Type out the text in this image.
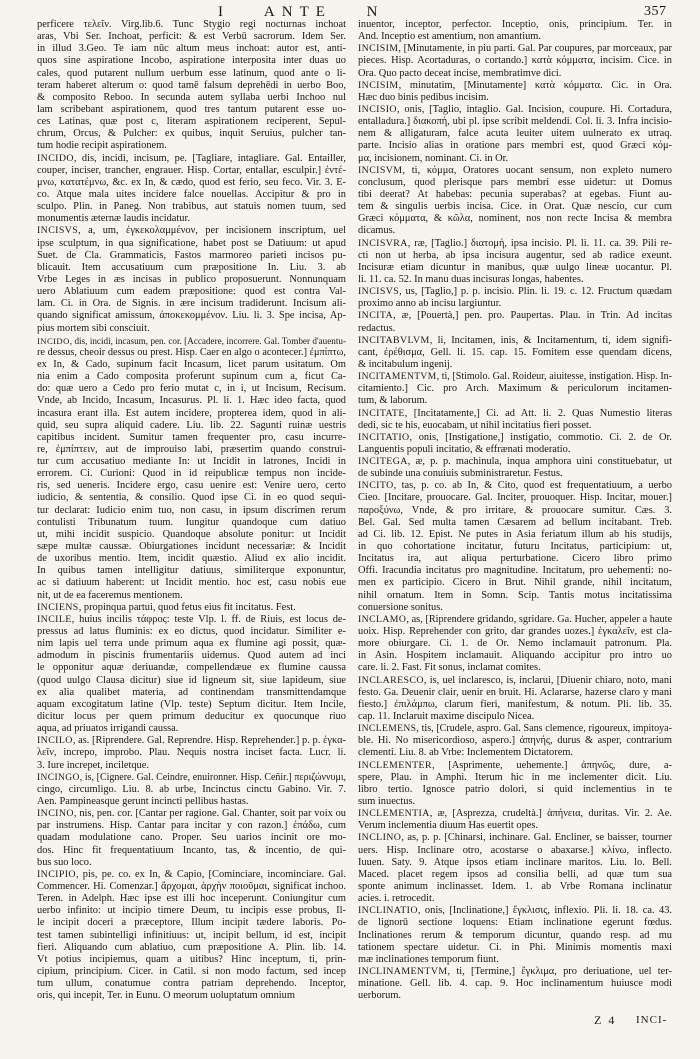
I ANTE N	357
perficere τελεῖν. Virg.lib.6. Tunc Stygio regi nocturnas inchoat
aras, Vbi Ser. Inchoat, perficit: & est Verbū sacrorum. Idem Ser.
in illud 3.Geo. Te iam nūc altum meus inchoat: autor est, anti-
quos sine aspiratione Incobo, aspiratione interposita inter duas uo
cales, quod putarent nullum uerbum esse latinum, quod ante o li-
teram haberet alterum o: quod tamē falsum deprehēdi in uerbo Boo,
& composito Reboo. In secunda autem syllaba uerbi Inchoo nul
lam scribebant aspirationem, quod tres tantum putarent esse uo-
ces Latinas, quæ post c, literam aspirationem reciperent, Sepul-
chrum, Orcus, & Pulcher: ex quibus, inquit Seruius, pulcher tan-
tum hodie recipit aspirationem.
INCIDO, dis, incidi, incisum, pe. [Tagliare, intagliare. Gal. Entailler,
couper, inciser, trancher, engrauer. Hisp. Cortar, entallar, esculpir.] ἐντέ-
μνω, κατατέμνω, &c. ex In, & cædo, quod est ferio, seu feco. Vir. 3. E-
co. Atque mala uites incidere falce nouellas. Accipitur & pro in
sculpo. Plin. in Paneg. Non trabibus, aut statuis nomen tuum, sed
monumentis æternæ laudis incidatur.
INCISVS, a, um, ἐγκεκολαμμένον, per incisionem inscriptum, uel
ipse sculptum, in qua significatione, habet post se Datiuum: ut apud
Suet. de Cla. Grammaticis, Fastos marmoreo parieti incisos pu-
blicauit. Item accusatiuum cum præpositione In. Liu. 3. ab
Vrbe Leges in æs incisas in publico proposuerunt. Nonnunquam
uero Ablatiuum cum eadem præpositione: quod est contra Val-
lam. Ci. in Ora. de Signis. in ære incisum tradiderunt. Incisum ali-
quando significat amissum, ἀποκεκομμένον. Liu. li. 3. Spe incisa, Ap-
pius mortem sibi consciuit.
INCIDO, dis, incidi, incasum, pen. cor. [Accadere, incorrere. Gal. Tomber d'auentu-
re dessus, cheoir dessus ou prest. Hisp. Caer en algo o acontecer.] ἐμπίπτω,
ex In, & Cado, supinum facit Incasum, licet parum usitatum. Om
nia enim a Cado composita proferunt supinum cum a, ficut Ca-
do: quæ uero a Cedo pro ferio mutat c, in i, ut Incisum, Recisum.
Vnde, ab Incido, Incasum, Incasurus. Pl. li. 1. Hæc ideo facta, quod
incasura erant illa. Est autem incidere, propterea idem, quod in ali-
quid, seu supra aliquid cadere. Liu. lib. 22. Sagunti ruinæ uestris
capitibus incident. Sumitur tamen frequenter pro, casu incurre-
re, ἐμπίπτειν, aut de improuiso labi, præsertim quando construi-
tur cum accusatiuo mediante In: ut Incidit in latrones, Incidi in
errorem. Ci. Curioni: Quod in id reipublicæ tempus non incide-
ris, sed ueneris. Incidere ergo, casu uenire est: Venire uero, certo
iudicio, & sententia, & consilio. Quod ipse Ci. in eo quod sequi-
tur declarat: Iudicio enim tuo, non casu, in ipsum discrimen rerum
contulisti Tribunatum tuum. Iungitur quandoque cum datiuo
ut, mihi incidit suspicio. Quandoque absolute ponitur: ut Incidit
sæpe multæ caussæ. Obiurgationes incidunt necessariæ: & Incidit
de uxoribus mentio. Item, incidit quæstio. Aliud ex alio incidit.
In quibus tamen intelligitur datiuus, similiterque exponuntur,
ac si datiuum haberent: ut Incidit mentio. hoc est, casu nobis eue
nit, ut de ea faceremus mentionem.
INCIENS, propinqua partui, quod fetus eius fit incitatus. Fest.
INCILE, huius incilis τάφρος: teste Vlp. l. ff. de Riuis, est locus de-
pressus ad latus fluminis: ex eo dictus, quod incidatur. Similiter e-
nim lapis uel terra unde primum aqua ex flumine agi possit, quæ-
admodum in piscinis frumentariis uidemus. Quod autem ad inci
le opponitur aquæ deriuandæ, compellendæue ex flumine caussa
(quod uulgo Clausa dicitur) siue id ligneum sit, siue lapideum, siue
ex alia qualibet materia, ad continendam transmittendamque
aquam excogitatum latine (Vlp. teste) Septum dicitur. Item Incile,
dicitur locus per quem primum deducitur ex quocunque riuo
aqua, ad priuatos irrigandi caussa.
INCILO, as. [Riprendere. Gal. Reprendre. Hisp. Reprehender.] p. p. ἐγκα-
λεῖν, increpo, improbo. Plau. Nequis nostra inciset facta. Lucr. li.
3. Iure increpet, inciletque.
INCINGO, is, [Cignere. Gal. Ceindre, enuironner. Hisp. Ceñir.] περιζώννυμι,
cingo, circumligo. Liu. 8. ab urbe, Incinctus cinctu Gabino. Vir. 7.
Aen. Pampineasque gerunt incincti pellibus hastas.
INCINO, nis, pen. cor. [Cantar per ragione. Gal. Chanter, soit par voix ou
par instrumens. Hisp. Cantar para incitar y con razon.] ἐπάδω, cum
quadam modulatione cano. Proper. Seu uarios incinit ore mo-
dos. Hinc fit frequentatiuum Incanto, tas, & incentio, de qui-
bus suo loco.
INCIPIO, pis, pe. co. ex In, & Capio, [Cominciare, incominciare. Gal.
Commencer. Hi. Comenzar.] ἄρχομαι, ἀρχὴν ποιοῦμαι, significat inchoo.
Teren. in Adelph. Hæc ipse est illi hoc inceperunt. Coniungitur cum
uerbo infinito: ut incipio timere Deum, tu incipis esse probus, Il-
le incipit doceri a præceptore, Illum incipit tædere laboris. Po-
test tamen subintelligi infinitiuus: ut, incipit bellum, id est, incipit
fieri. Aliquando cum ablatiuo, cum præpositione A. Plin. lib. 14.
Vt potius incipiemus, quam a uitibus? Hinc inceptum, ti, prin-
cipium, principium. Cicer. in Catil. si non modo factum, sed incep
tum ullum, conatumue contra patriam deprehendo. Inceptor,
oris, qui incepit, Ter. in Eunu. O meorum uoluptatum omnium
inuentor, inceptor, perfector. Inceptio, onis, principium. Ter. in
And. Inceptio est amentium, non amantium.
INCISIM, [Minutamente, in piu parti. Gal. Par coupures, par morceaux, par
pieces. Hisp. Acortaduras, o cortando.] κατὰ κόμματα, incisim. Cice. in
Ora. Quo pacto deceat incise, membratimve dici.
INCISIM, minutatim, [Minutamente] κατὰ κόμματα. Cic. in Ora.
Hæc duo binis pedibus incisim.
INCISIO, onis, [Taglio, intaglio. Gal. Incision, coupure. Hi. Cortadura,
entalladura.] διακοπή, ubi pl. ipse scribit meldendi. Col. li. 3. Infra incisio-
nem & alligaturam, falce acuta leuiter uitem uulnerato ex utraq.
parte. Incisio alias in oratione pars membri est, quod Græci κόμ-
μα, incisionem, nominant. Ci. in Or.
INCISVM, ti, κόμμα, Oratores uocant sensum, non expleto numero
conclusum, quod plerisque pars membri esse uidetur: ut Domus
tibi deerat? At habebas: pecunia superabas? at egebas. Fiunt au-
tem & singulis uerbis incisa. Cice. in Orat. Quæ nescio, cur cum
Græci κόμματα, & κῶλα, nominent, nos non recte Incisa & membra
dicamus.
INCISVRA, ræ, [Taglio.] διατομή, ipsa incisio. Pl. li. 11. ca. 39. Pili re-
cti non ut herba, ab ipsa incisura augentur, sed ab radice exeunt.
Incisuræ etiam dicuntur in manibus, quæ uulgo lineæ uocantur. Pl.
li. 11. ca. 52. In manu duas incisuras longas, habentes.
INCISVS, us, [Taglio,] p. p. incisio. Plin. li. 19. c. 12. Fructum quædam
proximo anno ab incisu largiuntur.
INCITA, æ, [Pouertà,] pen. pro. Paupertas. Plau. in Trin. Ad incitas
redactus.
INCITABVLVM, li, Incitamen, inis, & Incitamentum, ti, idem signifi-
cant, ἐρέθισμα, Gell. li. 15. cap. 15. Fomitem esse quendam dicens,
& incitabulum ingenij.
INCITAMENTVM, ti, [Stimolo. Gal. Roideur, aiuitesse, instigation. Hisp. In-
citamiento.] Cic. pro Arch. Maximum & periculorum incitamen-
tum, & laborum.
INCITATE, [Incitatamente,] Ci. ad Att. li. 2. Quas Numestio literas
dedi, sic te his, euocabam, ut nihil incitatius fieri posset.
INCITATIO, onis, [Instigatione,] instigatio, commotio. Ci. 2. de Or.
Languentis populi incitatio, & effrænati moderatio.
INCITEGA, æ, p. p. machinula, inqua amphora uini constituebatur, ut
de subinde una conuiuis subministraretur. Festus.
INCITO, tas, p. co. ab In, & Cito, quod est frequentatiuum, a uerbo
Cieo. [Incitare, prouocare. Gal. Inciter, prouoquer. Hisp. Incitar, mouer.]
παροξύνω, Vnde, & pro irritare, & prouocare sumitur. Cæs. 3.
Bel. Gal. Sed multa tamen Cæsarem ad bellum incitabant. Treb.
ad Ci. lib. 12. Epist. Ne putes in Asia feriatum illum ab his studijs,
in quo cohortatione incitatur, futuru Incitatus, participium: ut,
Incitatus ira, aut aliqua perturbatione. Cicero libro primo
Offi. Iracundia incitatus pro magnitudine. Incitatum, pro uehementi: no-
men ex participio. Cicero in Brut. Nihil grande, nihil incitatum,
nihil ornatum. Item in Somn. Scip. Tantis motus incitatissima
conuersione sonitus.
INCLAMO, as, [Riprendere gridando, sgridare. Ga. Hucher, appeler a haute
uoix. Hisp. Reprehender con grito, dar grandes uozes.] ἐγκαλεῖν, est cla-
more obiurgare. Ci. 1. de Or. Nemo inclamauit patronum. Pla.
in Asin. Hospitem inclamauit. Aliquando accipitur pro intro uo
care. li. 2. Fast. Fit sonus, inclamat comites.
INCLARESCO, is, uel inclaresco, is, inclarui, [Diuenir chiaro, noto, mani
festo. Ga. Deuenir clair, uenir en bruit. Hi. Aclararse, hazerse claro y mani
fiesto.] ἐπιλάμπω, clarum fieri, manifestum, & notum. Pli. lib. 35.
cap. 11. Inclaruit maxime discipulo Nicea.
INCLEMENS, tis, [Crudele, aspro. Gal. Sans clemence, rigoureux, impitoya-
ble. Hi. No misericordioso, aspero.] ἀπηνής, durus & asper, contrarium
clementi. Liu. 8. ab Vrbe: Inclementem Dictatorem.
INCLEMENTER, [Asprimente, uehemente.] ἀπηνῶς, dure, a-
spere, Plau. in Amphi. Iterum hic in me inclementer dicit. Liu.
libro tertio. Ignosce patrio dolori, si quid inclementius in te
sum inuectus.
INCLEMENTIA, æ, [Asprezza, crudeltà.] ἀπήνεια, duritas. Vir. 2. Ae.
Verum inclementia diuum Has euertit opes.
INCLINO, as, p. p. [Chinarsi, inchinare. Gal. Encliner, se baisser, tourner
uers. Hisp. Inclinare otro, acostarse o abaxarse.] κλίνω, inflecto.
Iuuen. Saty. 9. Atque ipsos etiam inclinare maritos. Liu. lo. Bell.
Maced. placet regem ipsos ad consilia belli, ad quæ tum sua
sponte animum inclinasset. Idem. 1. ab Vrbe Romana inclinatur
acies. i. retrocedit.
INCLINATIO, onis, [Inclinatione,] ἔγκλισις, inflexio. Pli. li. 18. ca. 43.
de lignorū sectione loquens: Etiam inclinatione egerunt fœdus.
Inclinationes rerum & temporum dicuntur, quando resp. ad mu
tationem spectare uidetur. Ci. in Phi. Minimis momentis maxi
mæ inclinationes temporum fiunt.
INCLINAMENTVM, ti, [Termine,] ἔγκλιμα, pro deriuatione, uel ter-
minatione. Gell. lib. 4. cap. 9. Hoc inclinamentum huiusce modi
uerborum.
Z 4 INCI-
